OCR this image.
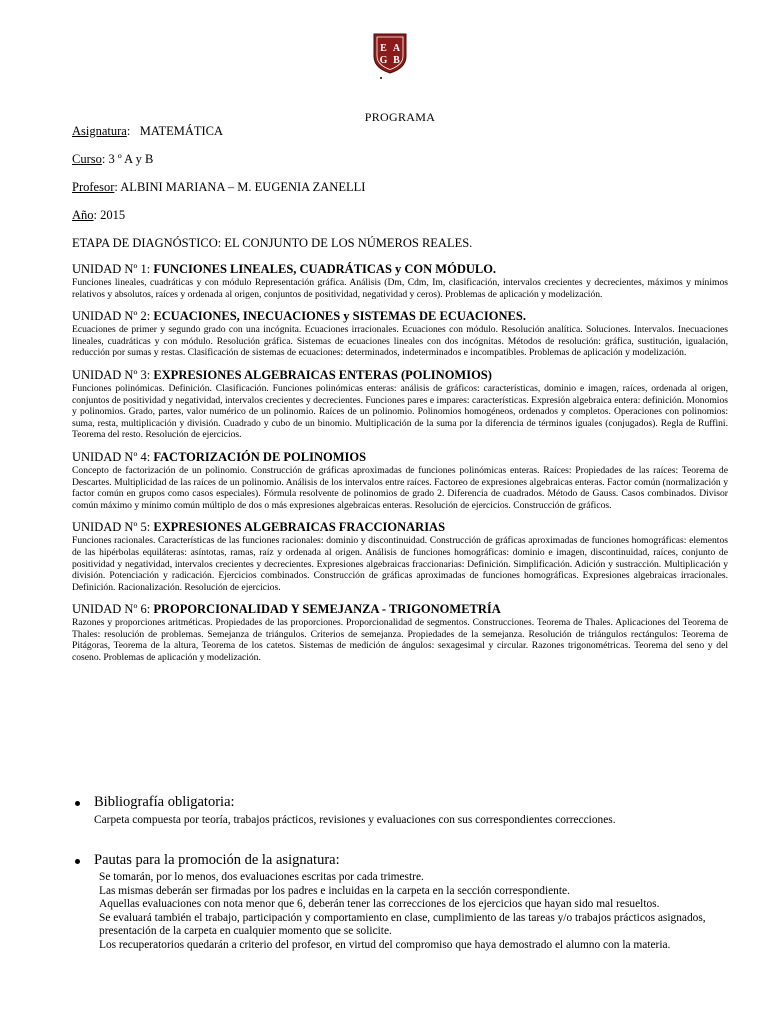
E A
G B
PROGRAMA
Asignatura:   MATEMÁTICA
Curso: 3 º A y B
Profesor: ALBINI MARIANA – M. EUGENIA ZANELLI
Año: 2015
ETAPA DE DIAGNÓSTICO: EL CONJUNTO DE LOS NÚMEROS REALES.
UNIDAD Nº 1: FUNCIONES LINEALES, CUADRÁTICAS y CON MÓDULO.
Funciones lineales, cuadráticas y con módulo Representación gráfica. Análisis (Dm, Cdm, Im, clasificación, intervalos crecientes y decrecientes, máximos y mínimos relativos y absolutos, raíces y ordenada al origen, conjuntos de positividad, negatividad y ceros). Problemas de aplicación y modelización.
UNIDAD Nº 2: ECUACIONES, INECUACIONES y SISTEMAS DE ECUACIONES.
Ecuaciones de primer y segundo grado con una incógnita. Ecuaciones irracionales. Ecuaciones con módulo. Resolución analítica. Soluciones. Intervalos. Inecuaciones lineales, cuadráticas y con módulo. Resolución gráfica. Sistemas de ecuaciones lineales con dos incógnitas. Métodos de resolución: gráfica, sustitución, igualación, reducción por sumas y restas. Clasificación de sistemas de ecuaciones: determinados, indeterminados e incompatibles. Problemas de aplicación y modelización.
UNIDAD Nº 3: EXPRESIONES ALGEBRAICAS ENTERAS (POLINOMIOS)
Funciones polinómicas. Definición. Clasificación. Funciones polinómicas enteras: análisis de gráficos: características, dominio e imagen, raíces, ordenada al origen, conjuntos de positividad y negatividad, intervalos crecientes y decrecientes. Funciones pares e impares: características. Expresión algebraica entera: definición. Monomios y polinomios. Grado, partes, valor numérico de un polinomio. Raíces de un polinomio. Polinomios homogéneos, ordenados y completos. Operaciones con polinomios: suma, resta, multiplicación y división. Cuadrado y cubo de un binomio. Multiplicación de la suma por la diferencia de términos iguales (conjugados). Regla de Ruffini. Teorema del resto. Resolución de ejercicios.
UNIDAD Nº 4: FACTORIZACIÓN DE POLINOMIOS
Concepto de factorización de un polinomio. Construcción de gráficas aproximadas de funciones polinómicas enteras. Raíces: Propiedades de las raíces: Teorema de Descartes. Multiplicidad de las raíces de un polinomio. Análisis de los intervalos entre raíces. Factoreo de expresiones algebraicas enteras. Factor común (normalización y factor común en grupos como casos especiales). Fórmula resolvente de polinomios de grado 2. Diferencia de cuadrados. Método de Gauss. Casos combinados. Divisor común máximo y mínimo común múltiplo de dos o más expresiones algebraicas enteras. Resolución de ejercicios. Construcción de gráficos.
UNIDAD Nº 5: EXPRESIONES ALGEBRAICAS FRACCIONARIAS
Funciones racionales. Características de las funciones racionales: dominio y discontinuidad. Construcción de gráficas aproximadas de funciones homográficas: elementos de las hipérbolas equiláteras: asíntotas, ramas, raíz y ordenada al origen. Análisis de funciones homográficas: dominio e imagen, discontinuidad, raíces, conjunto de positividad y negatividad, intervalos crecientes y decrecientes. Expresiones algebraicas fraccionarias: Definición. Simplificación. Adición y sustracción. Multiplicación y división. Potenciación y radicación. Ejercicios combinados. Construcción de gráficas aproximadas de funciones homográficas. Expresiones algebraicas irracionales. Definición. Racionalización. Resolución de ejercicios.
UNIDAD Nº 6: PROPORCIONALIDAD Y SEMEJANZA - TRIGONOMETRÍA
Razones y proporciones aritméticas. Propiedades de las proporciones. Proporcionalidad de segmentos. Construcciones. Teorema de Thales. Aplicaciones del Teorema de Thales: resolución de problemas. Semejanza de triángulos. Criterios de semejanza. Propiedades de la semejanza. Resolución de triángulos rectángulos: Teorema de Pitágoras, Teorema de la altura, Teorema de los catetos. Sistemas de medición de ángulos: sexagesimal y circular. Razones trigonométricas. Teorema del seno y del coseno. Problemas de aplicación y modelización.
Bibliografía obligatoria:
Carpeta compuesta por teoría, trabajos prácticos, revisiones y evaluaciones con sus correspondientes correcciones.
Pautas para la promoción de la asignatura:

Se tomarán, por lo menos, dos evaluaciones escritas por cada trimestre.

Las mismas deberán ser firmadas por los padres e incluidas en la carpeta en la sección correspondiente.

Aquellas evaluaciones con nota menor que 6, deberán tener las correcciones de los ejercicios que hayan sido mal resueltos.

Se evaluará también el trabajo, participación y comportamiento en clase, cumplimiento de las tareas y/o trabajos prácticos asignados, presentación de la carpeta en cualquier momento que se solicite.

Los recuperatorios quedarán a criterio del profesor, en virtud del compromiso que haya demostrado el alumno con la materia.
